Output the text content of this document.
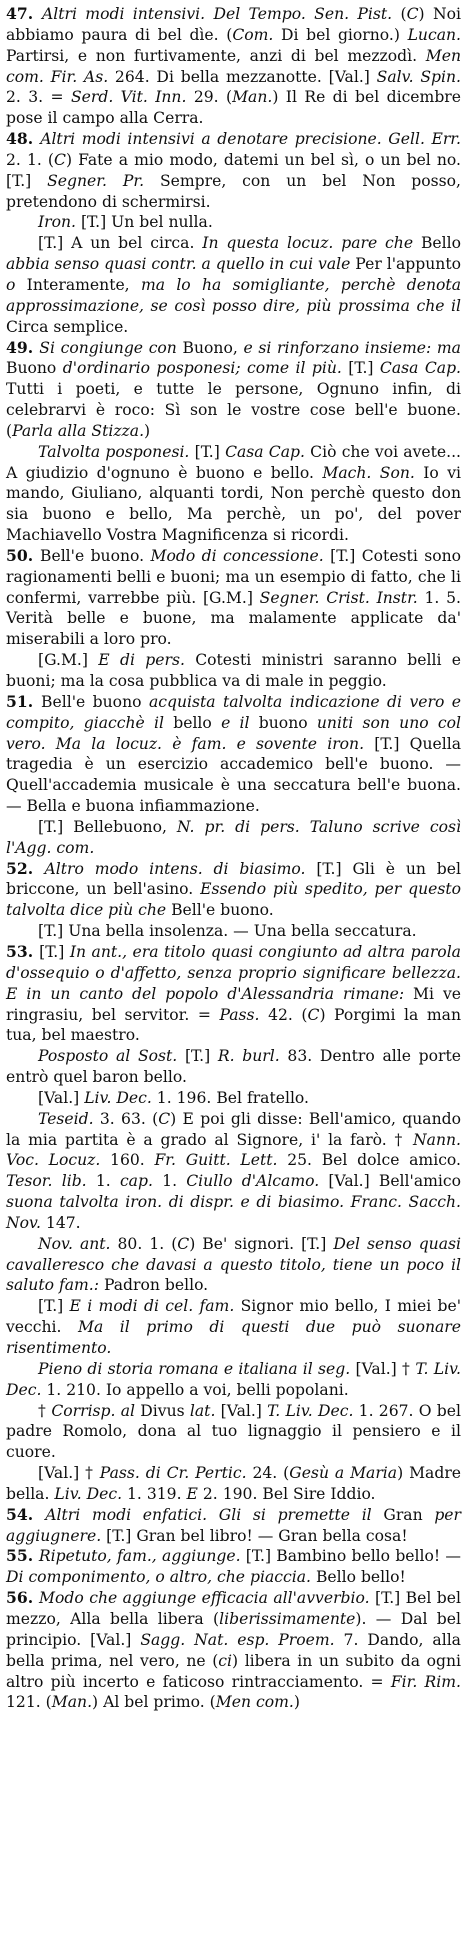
47. Altri modi intensivi. Del Tempo. Sen. Pist. (C) Noi abbiamo paura di bel dìe. (Com. Di bel giorno.) Lucan. Partirsi, e non furtivamente, anzi di bel mezzodì. Men com. Fir. As. 264. Di bella mezzanotte. [Val.] Salv. Spin. 2. 3. = Serd. Vit. Inn. 29. (Man.) Il Re di bel dicembre pose il campo alla Cerra.

48. Altri modi intensivi a denotare precisione. Gell. Err. 2. 1. (C) Fate a mio modo, datemi un bel sì, o un bel no. [T.] Segner. Pr. Sempre, con un bel Non posso, pretendono di schermirsi.

Iron. [T.] Un bel nulla.

[T.] A un bel circa. In questa locuz. pare che Bello abbia senso quasi contr. a quello in cui vale Per l'appunto o Interamente, ma lo ha somigliante, perchè denota approssimazione, se così posso dire, più prossima che il Circa semplice.

49. Si congiunge con Buono, e si rinforzano insieme: ma Buono d'ordinario posponesi; come il più. [T.] Casa Cap. Tutti i poeti, e tutte le persone, Ognuno infin, di celebrarvi è roco: Sì son le vostre cose bell'e buone. (Parla alla Stizza.)

Talvolta posponesi. [T.] Casa Cap. Ciò che voi avete... A giudizio d'ognuno è buono e bello. Mach. Son. Io vi mando, Giuliano, alquanti tordi, Non perchè questo don sia buono e bello, Ma perchè, un po', del pover Machiavello Vostra Magnificenza si ricordi.

50. Bell'e buono. Modo di concessione. [T.] Cotesti sono ragionamenti belli e buoni; ma un esempio di fatto, che li confermi, varrebbe più. [G.M.] Segner. Crist. Instr. 1. 5. Verità belle e buone, ma malamente applicate da' miserabili a loro pro.

[G.M.] E di pers. Cotesti ministri saranno belli e buoni; ma la cosa pubblica va di male in peggio.

51. Bell'e buono acquista talvolta indicazione di vero e compito, giacchè il bello e il buono uniti son uno col vero. Ma la locuz. è fam. e sovente iron. [T.] Quella tragedia è un esercizio accademico bell'e buono. — Quell'accademia musicale è una seccatura bell'e buona. — Bella e buona infiammazione.

[T.] Bellebuono, N. pr. di pers. Taluno scrive così l'Agg. com.

52. Altro modo intens. di biasimo. [T.] Gli è un bel briccone, un bell'asino. Essendo più spedito, per questo talvolta dice più che Bell'e buono.

[T.] Una bella insolenza. — Una bella seccatura.

53. [T.] In ant., era titolo quasi congiunto ad altra parola d'ossequio o d'affetto, senza proprio significare bellezza. E in un canto del popolo d'Alessandria rimane: Mi ve ringrasiu, bel servitor. = Pass. 42. (C) Porgimi la man tua, bel maestro.

Posposto al Sost. [T.] R. burl. 83. Dentro alle porte entrò quel baron bello.

[Val.] Liv. Dec. 1. 196. Bel fratello.

Teseid. 3. 63. (C) E poi gli disse: Bell'amico, quando la mia partita è a grado al Signore, i' la farò. † Nann. Voc. Locuz. 160. Fr. Guitt. Lett. 25. Bel dolce amico. Tesor. lib. 1. cap. 1. Ciullo d'Alcamo. [Val.] Bell'amico suona talvolta iron. di dispr. e di biasimo. Franc. Sacch. Nov. 147.

Nov. ant. 80. 1. (C) Be' signori. [T.] Del senso quasi cavalleresco che davasi a questo titolo, tiene un poco il saluto fam.: Padron bello.

[T.] E i modi di cel. fam. Signor mio bello, I miei be' vecchi. Ma il primo di questi due può suonare risentimento.

Pieno di storia romana e italiana il seg. [Val.] † T. Liv. Dec. 1. 210. Io appello a voi, belli popolani.

† Corrisp. al Divus lat. [Val.] T. Liv. Dec. 1. 267. O bel padre Romolo, dona al tuo lignaggio il pensiero e il cuore.

[Val.] † Pass. di Cr. Pertic. 24. (Gesù a Maria) Madre bella. Liv. Dec. 1. 319. E 2. 190. Bel Sire Iddio.

54. Altri modi enfatici. Gli si premette il Gran per aggiugnere. [T.] Gran bel libro! — Gran bella cosa!

55. Ripetuto, fam., aggiunge. [T.] Bambino bello bello! — Di componimento, o altro, che piaccia. Bello bello!

56. Modo che aggiunge efficacia all'avverbio. [T.] Bel bel mezzo, Alla bella libera (liberissimamente). — Dal bel principio. [Val.] Sagg. Nat. esp. Proem. 7. Dando, alla bella prima, nel vero, ne (ci) libera in un subito da ogni altro più incerto e faticoso rintracciamento. = Fir. Rim. 121. (Man.) Al bel primo. (Men com.)
